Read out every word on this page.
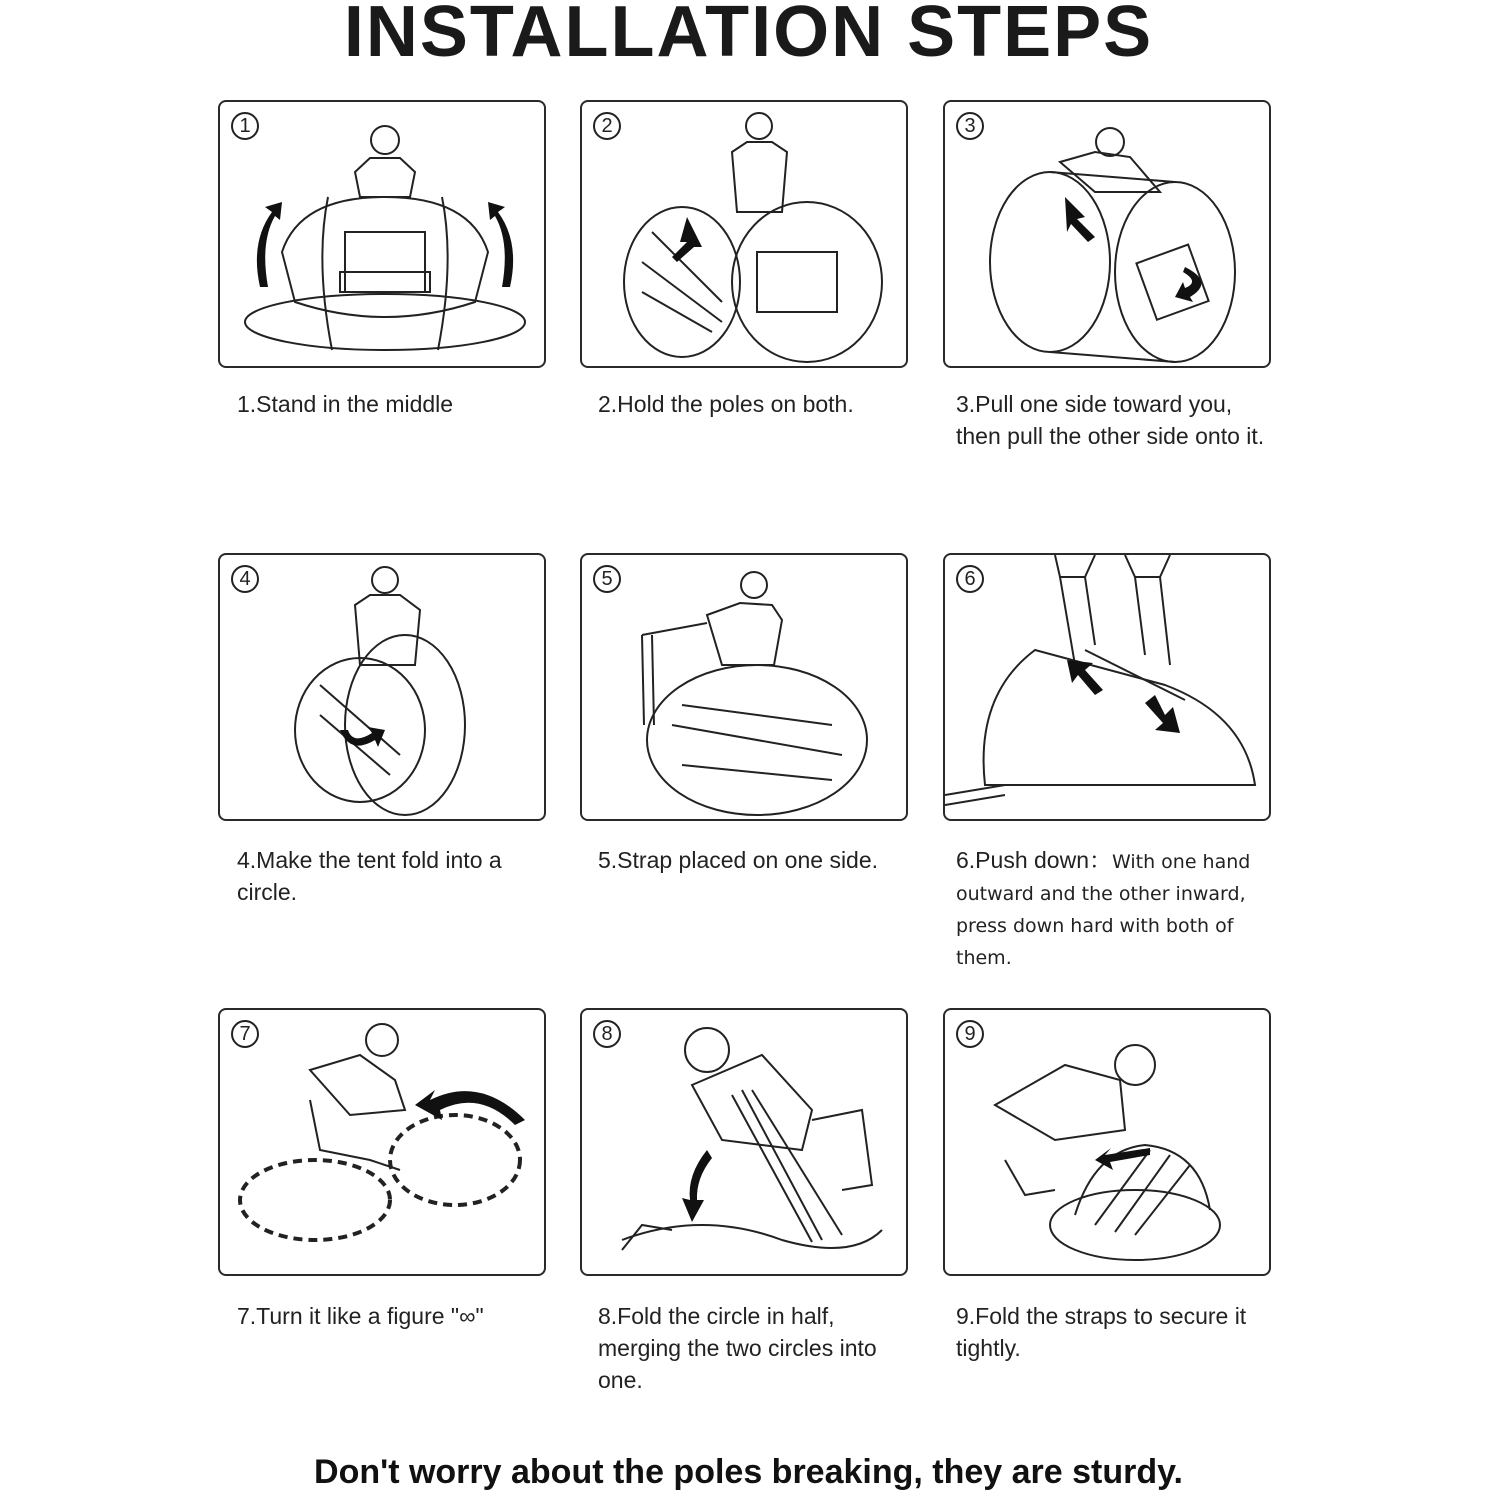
INSTALLATION STEPS
1
1.Stand in the middle
2
2.Hold the poles on both.
3
3.Pull one side toward you, then pull the other side onto it.
4
4.Make the tent fold into a circle.
5
5.Strap placed on one side.
6
6.Push down：With one hand outward and the other inward, press down hard with both of them.
7
7.Turn it like a figure "∞"
8
8.Fold the circle in half, merging the two circles into one.
9
9.Fold the straps to secure it tightly.
Don't worry about the poles breaking, they are sturdy.
